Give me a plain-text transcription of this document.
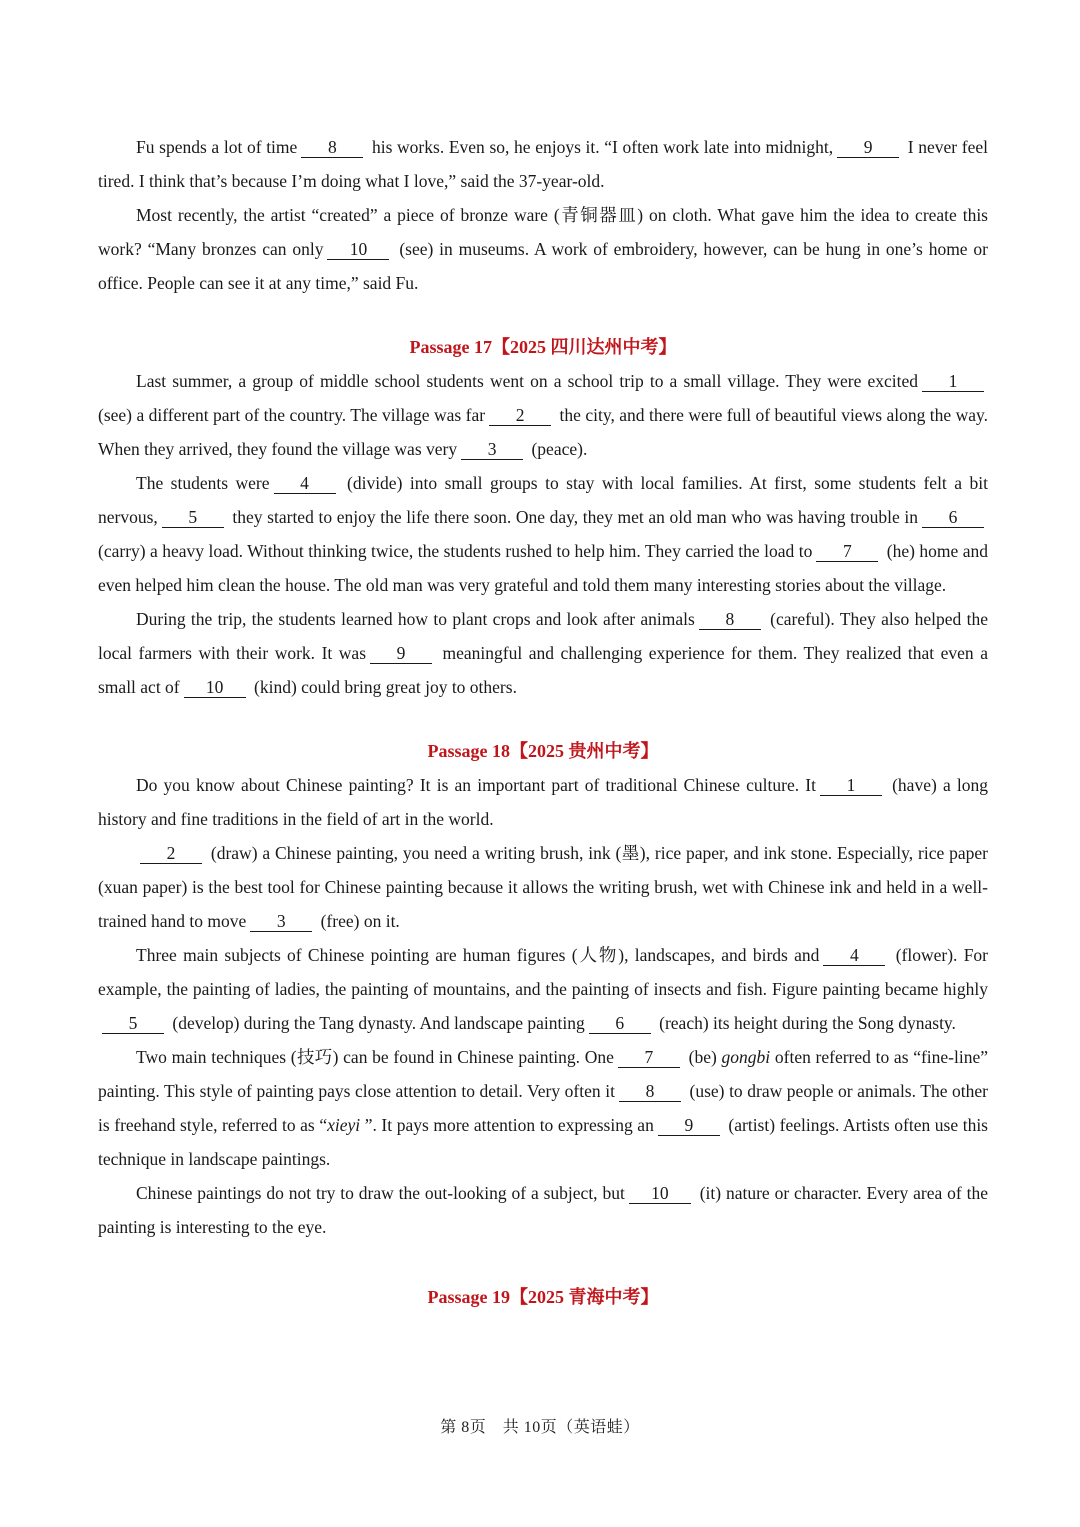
Fu spends a lot of time 8 his works. Even so, he enjoys it. “I often work late into midnight, 9 I never feel tired. I think that’s because I’m doing what I love,” said the 37-year-old.

Most recently, the artist “created” a piece of bronze ware (青铜器皿) on cloth. What gave him the idea to create this work? “Many bronzes can only 10 (see) in museums. A work of embroidery, however, can be hung in one’s home or office. People can see it at any time,” said Fu.

Passage 17【2025 四川达州中考】

Last summer, a group of middle school students went on a school trip to a small village. They were excited 1 (see) a different part of the country. The village was far 2 the city, and there were full of beautiful views along the way. When they arrived, they found the village was very 3 (peace).

The students were 4 (divide) into small groups to stay with local families. At first, some students felt a bit nervous, 5 they started to enjoy the life there soon. One day, they met an old man who was having trouble in 6 (carry) a heavy load. Without thinking twice, the students rushed to help him. They carried the load to 7 (he) home and even helped him clean the house. The old man was very grateful and told them many interesting stories about the village.

During the trip, the students learned how to plant crops and look after animals 8 (careful). They also helped the local farmers with their work. It was 9 meaningful and challenging experience for them. They realized that even a small act of 10 (kind) could bring great joy to others.

Passage 18【2025 贵州中考】

Do you know about Chinese painting? It is an important part of traditional Chinese culture. It 1 (have) a long history and fine traditions in the field of art in the world.

2 (draw) a Chinese painting, you need a writing brush, ink (墨), rice paper, and ink stone. Especially, rice paper (xuan paper) is the best tool for Chinese painting because it allows the writing brush, wet with Chinese ink and held in a well-trained hand to move 3 (free) on it.

Three main subjects of Chinese pointing are human figures (人物), landscapes, and birds and 4 (flower). For example, the painting of ladies, the painting of mountains, and the painting of insects and fish. Figure painting became highly5 (develop) during the Tang dynasty. And landscape painting 6 (reach) its height during the Song dynasty.

Two main techniques (技巧) can be found in Chinese painting. One 7 (be) gongbi often referred to as “fine-line” painting. This style of painting pays close attention to detail. Very often it 8 (use) to draw people or animals. The other is freehand style, referred to as “xieyi ”. It pays more attention to expressing an 9 (artist) feelings. Artists often use this technique in landscape paintings.

Chinese paintings do not try to draw the out-looking of a subject, but 10 (it) nature or character. Every area of the painting is interesting to the eye.

Passage 19【2025 青海中考】
第 8页　共 10页（英语蛙）
